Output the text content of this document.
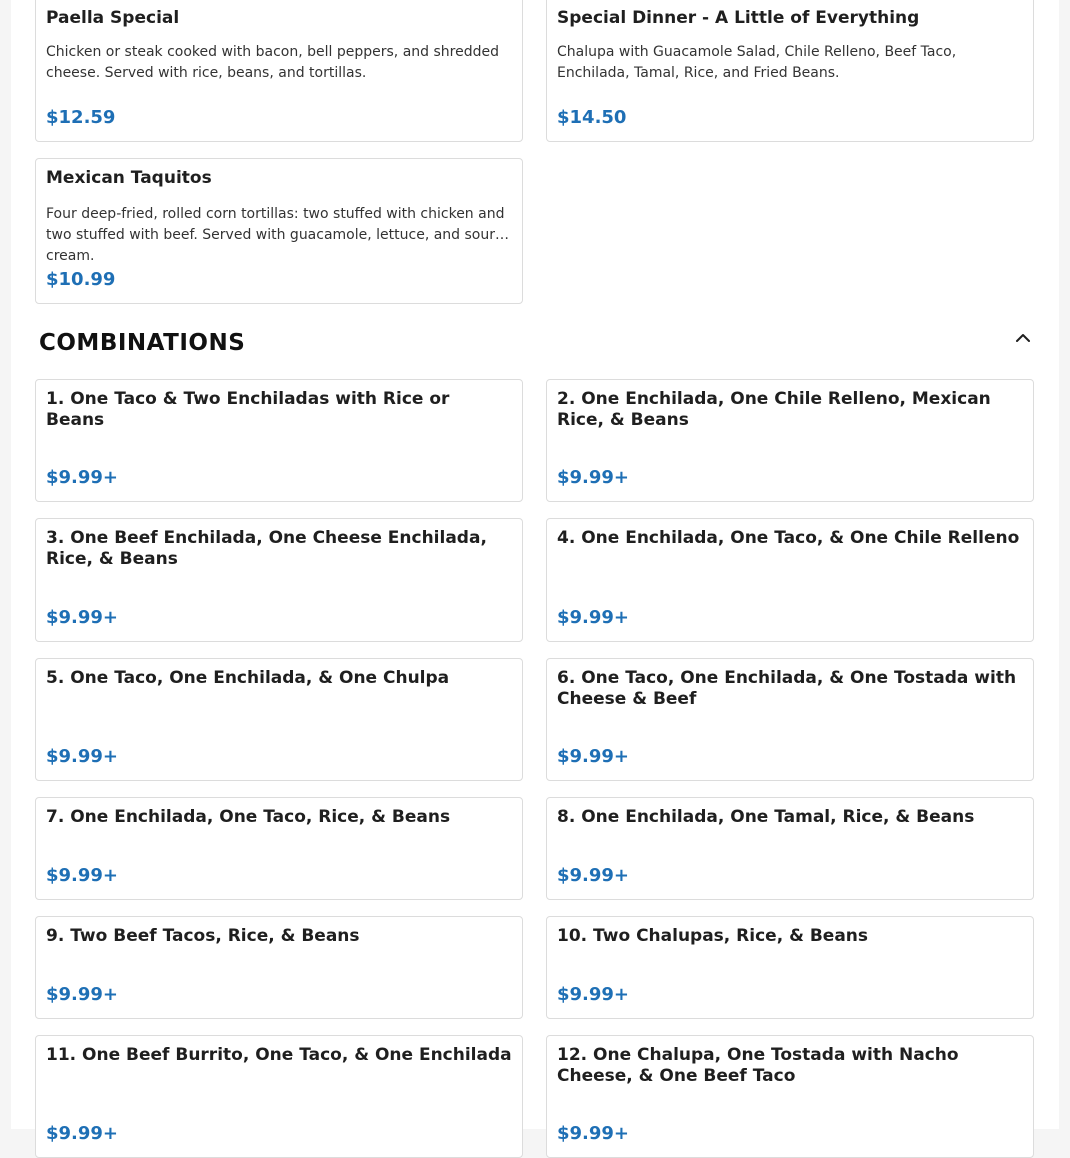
Paella Special
Chicken or steak cooked with bacon, bell peppers, and shredded cheese. Served with rice, beans, and tortillas.
$12.59
Special Dinner - A Little of Everything
Chalupa with Guacamole Salad, Chile Relleno, Beef Taco, Enchilada, Tamal, Rice, and Fried Beans.
$14.50
Mexican Taquitos
Four deep-fried, rolled corn tortillas: two stuffed with chicken and two stuffed with beef. Served with guacamole, lettuce, and sour cream.
$10.99
COMBINATIONS
1. One Taco & Two Enchiladas with Rice or Beans
$9.99+
2. One Enchilada, One Chile Relleno, Mexican Rice, & Beans
$9.99+
3. One Beef Enchilada, One Cheese Enchilada, Rice, & Beans
$9.99+
4. One Enchilada, One Taco, & One Chile Relleno
$9.99+
5. One Taco, One Enchilada, & One Chulpa
$9.99+
6. One Taco, One Enchilada, & One Tostada with Cheese & Beef
$9.99+
7. One Enchilada, One Taco, Rice, & Beans
$9.99+
8. One Enchilada, One Tamal, Rice, & Beans
$9.99+
9. Two Beef Tacos, Rice, & Beans
$9.99+
10. Two Chalupas, Rice, & Beans
$9.99+
11. One Beef Burrito, One Taco, & One Enchilada
$9.99+
12. One Chalupa, One Tostada with Nacho Cheese, & One Beef Taco
$9.99+
